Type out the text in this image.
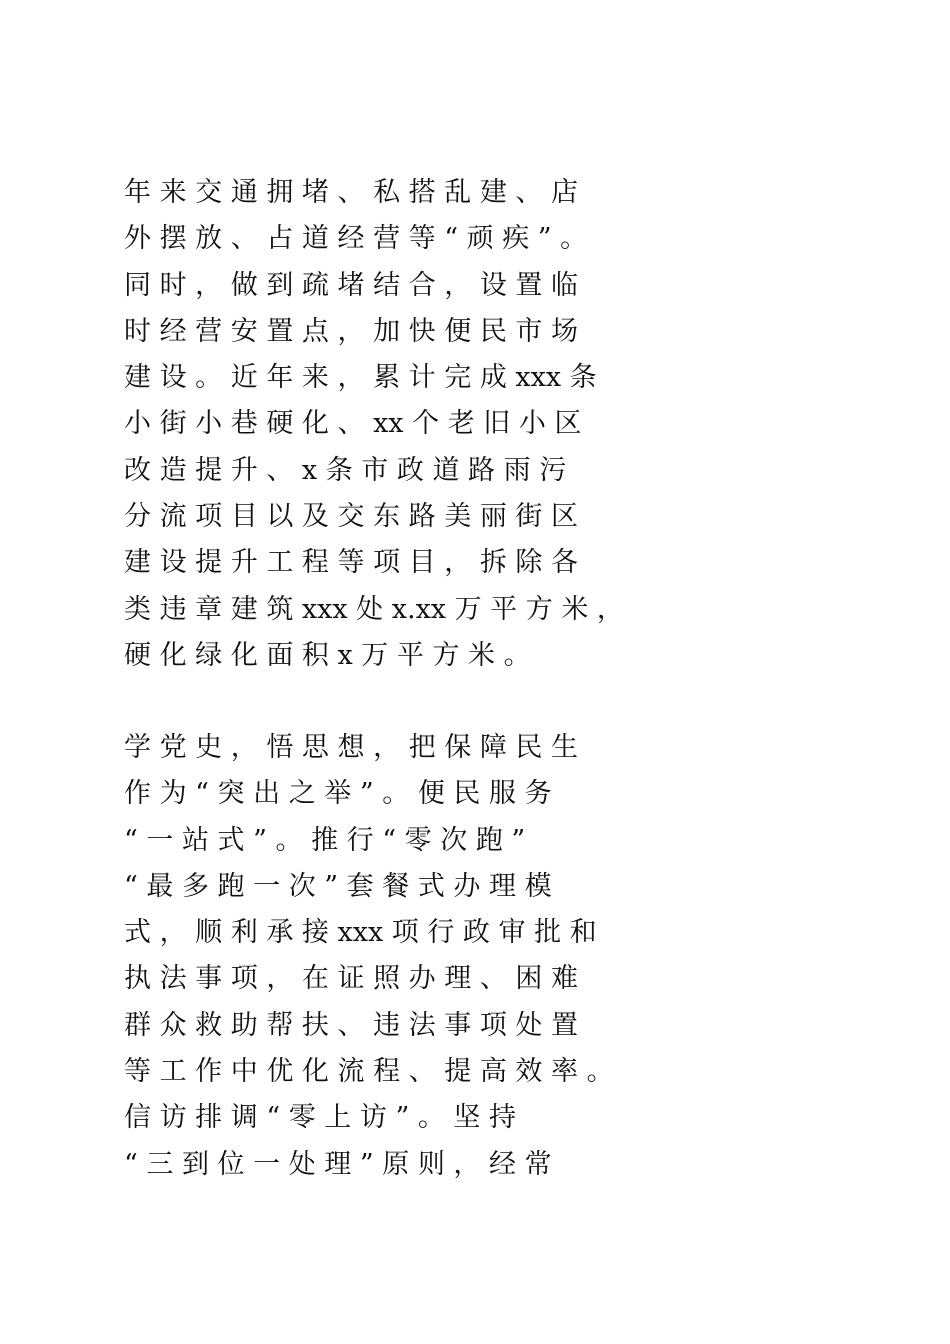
年 来 交 通 拥 堵 、 私 搭 乱 建 、 店
外 摆 放 、 占 道 经 营 等 “ 顽 疾 ” 。
同 时 ， 做 到 疏 堵 结 合 ， 设 置 临
时 经 营 安 置 点 ， 加 快 便 民 市 场
建 设 。 近 年 来 ， 累 计 完 成 xxx 条
小 街 小 巷 硬 化 、 xx 个 老 旧 小 区
改 造 提 升 、 x 条 市 政 道 路 雨 污
分 流 项 目 以 及 交 东 路 美 丽 街 区
建 设 提 升 工 程 等 项 目 ， 拆 除 各
类 违 章 建 筑 xxx 处 x.xx 万 平 方 米 ，
硬 化 绿 化 面 积 x 万 平 方 米 。
学 党 史 ， 悟 思 想 ， 把 保 障 民 生
作 为 “ 突 出 之 举 ” 。 便 民 服 务
“ 一 站 式 ” 。 推 行 “ 零 次 跑 ”
“ 最 多 跑 一 次 ” 套 餐 式 办 理 模
式 ， 顺 利 承 接 xxx 项 行 政 审 批 和
执 法 事 项 ， 在 证 照 办 理 、 困 难
群 众 救 助 帮 扶 、 违 法 事 项 处 置
等 工 作 中 优 化 流 程 、 提 高 效 率 。
信 访 排 调 “ 零 上 访 ” 。 坚 持
“ 三 到 位 一 处 理 ” 原 则 ， 经 常
